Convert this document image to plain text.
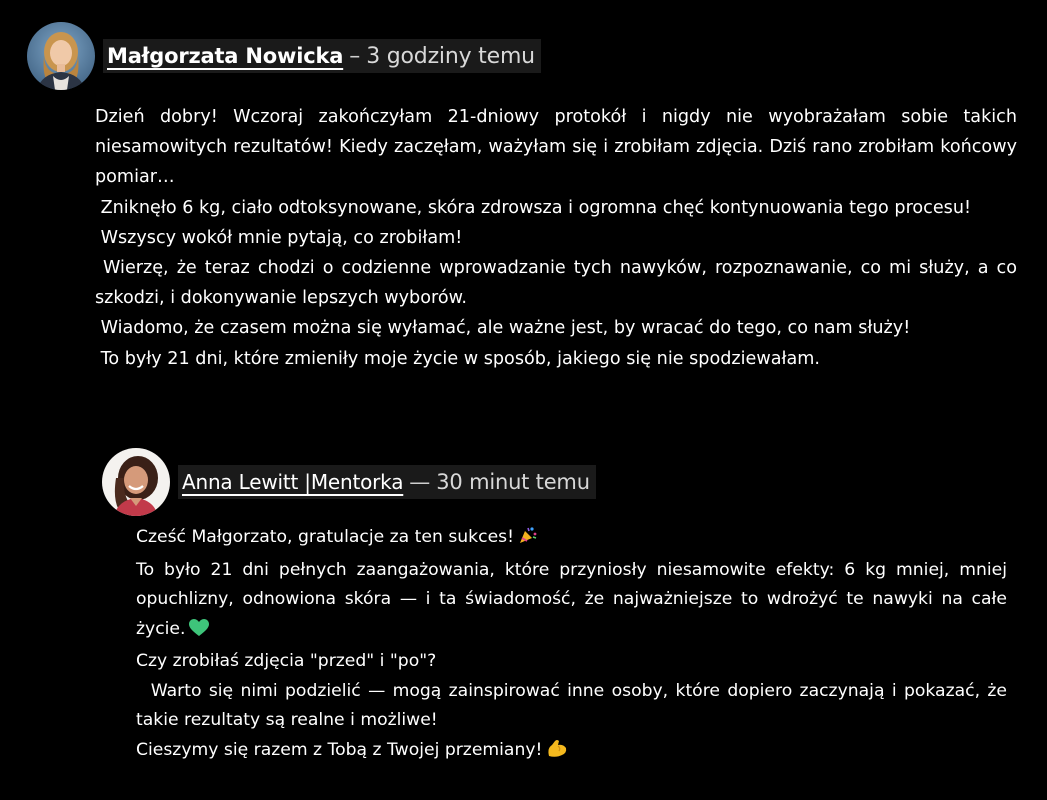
Małgorzata Nowicka – 3 godziny temu

Dzień dobry! Wczoraj zakończyłam 21-dniowy protokół i nigdy nie wyobrażałam sobie takich niesamowitych rezultatów! Kiedy zaczęłam, ważyłam się i zrobiłam zdjęcia. Dziś rano zrobiłam końcowy pomiar…

Zniknęło 6 kg, ciało odtoksynowane, skóra zdrowsza i ogromna chęć kontynuowania tego procesu!

Wszyscy wokół mnie pytają, co zrobiłam!

Wierzę, że teraz chodzi o codzienne wprowadzanie tych nawyków, rozpoznawanie, co mi służy, a co szkodzi, i dokonywanie lepszych wyborów.

Wiadomo, że czasem można się wyłamać, ale ważne jest, by wracać do tego, co nam służy!

To były 21 dni, które zmieniły moje życie w sposób, jakiego się nie spodziewałam.

Anna Lewitt |Mentorka — 30 minut temu

Cześć Małgorzato, gratulacje za ten sukces!

To było 21 dni pełnych zaangażowania, które przyniosły niesamowite efekty: 6 kg mniej, mniej opuchlizny, odnowiona skóra — i ta świadomość, że najważniejsze to wdrożyć te nawyki na całe życie.

Czy zrobiłaś zdjęcia "przed" i "po"?

Warto się nimi podzielić — mogą zainspirować inne osoby, które dopiero zaczynają i pokazać, że takie rezultaty są realne i możliwe!

Cieszymy się razem z Tobą z Twojej przemiany!
